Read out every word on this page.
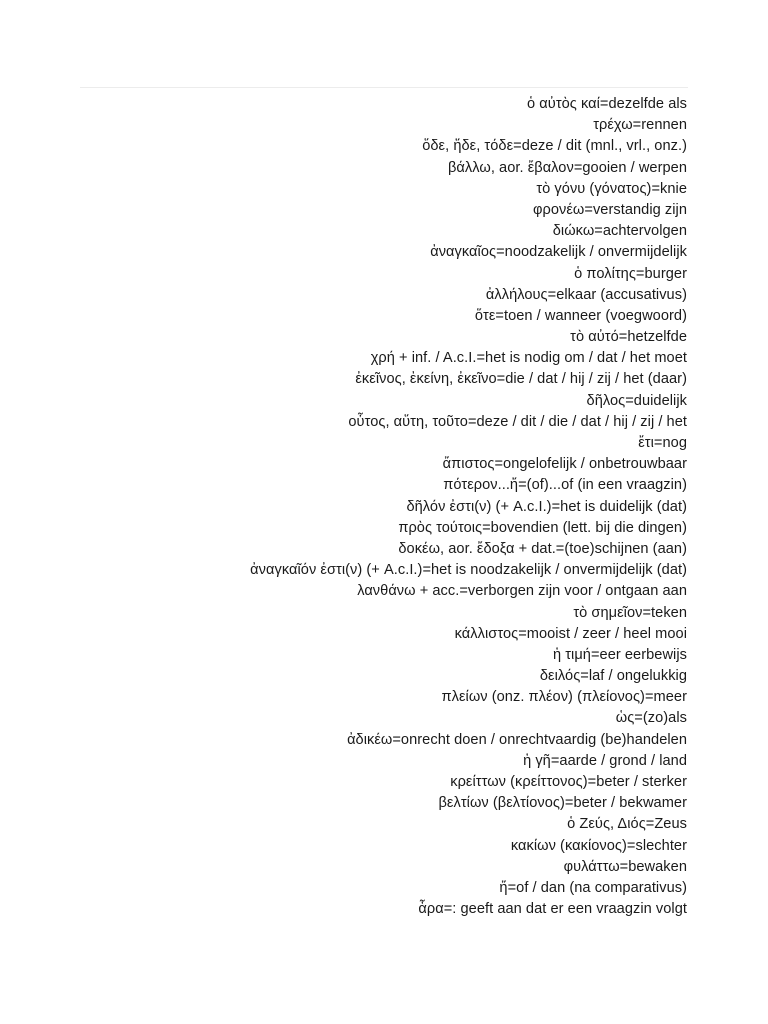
ὁ αὐτὸς καί=dezelfde als
τρέχω=rennen
ὅδε, ἥδε, τόδε=deze / dit (mnl., vrl., onz.)
βάλλω, aor. ἔβαλον=gooien / werpen
τὸ γόνυ (γόνατος)=knie
φρονέω=verstandig zijn
διώκω=achtervolgen
ἀναγκαῖος=noodzakelijk / onvermijdelijk
ὁ πολίτης=burger
ἀλλήλους=elkaar (accusativus)
ὅτε=toen / wanneer (voegwoord)
τὸ αὐτό=hetzelfde
χρή + inf. / A.c.I.=het is nodig om / dat / het moet
ἐκεῖνος, ἐκείνη, ἐκεῖνο=die / dat / hij / zij / het (daar)
δῆλος=duidelijk
οὗτος, αὕτη, τοῦτο=deze / dit / die / dat / hij / zij / het
ἔτι=nog
ἄπιστος=ongelofelijk / onbetrouwbaar
πότερον...ἤ=(of)...of (in een vraagzin)
δῆλόν ἐστι(ν) (+ A.c.I.)=het is duidelijk (dat)
πρὸς τούτοις=bovendien (lett. bij die dingen)
δοκέω, aor. ἔδοξα + dat.=(toe)schijnen (aan)
ἀναγκαῖόν ἐστι(ν) (+ A.c.I.)=het is noodzakelijk / onvermijdelijk (dat)
λανθάνω + acc.=verborgen zijn voor / ontgaan aan
τὸ σημεῖον=teken
κάλλιστος=mooist / zeer / heel mooi
ἡ τιμή=eer eerbewijs
δειλός=laf / ongelukkig
πλείων (onz. πλέον) (πλείονος)=meer
ὡς=(zo)als
ἀδικέω=onrecht doen / onrechtvaardig (be)handelen
ἡ γῆ=aarde / grond / land
κρείττων (κρείττονος)=beter / sterker
βελτίων (βελτίονος)=beter / bekwamer
ὁ Ζεύς, Διός=Zeus
κακίων (κακίονος)=slechter
φυλάττω=bewaken
ἤ=of / dan (na comparativus)
ἆρα=: geeft aan dat er een vraagzin volgt
